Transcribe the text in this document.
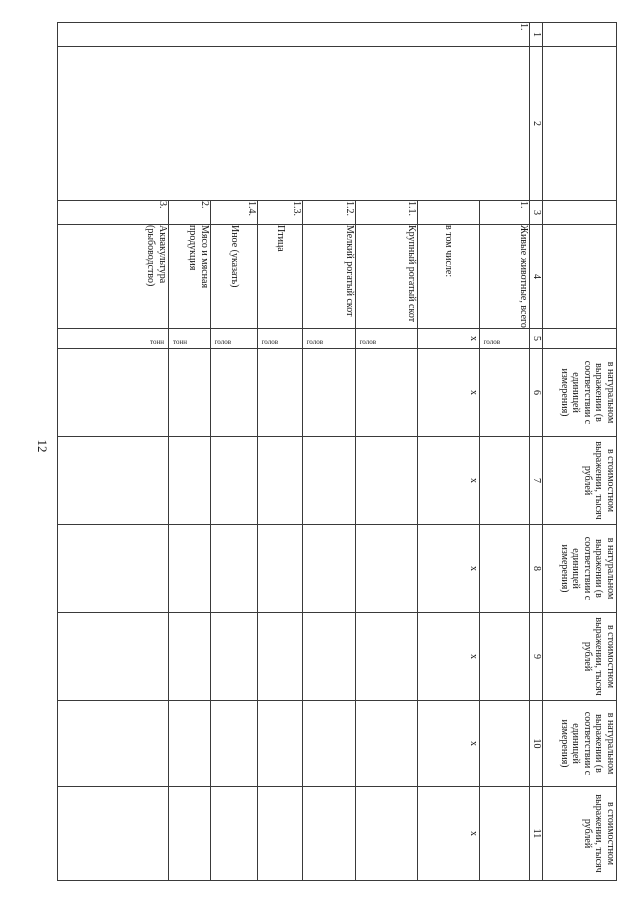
12
					в натуральном выражении (в соответствии с единицей измерения)	в стоимостном выражении, тысяч рублей	в натуральном выражении (в соответствии с единицей измерения)	в стоимостном выражении, тысяч рублей	в натуральном выражении (в соответствии с единицей измерения)	в стоимостном выражении, тысяч рублей
1	2	3	4	5	6	7	8	9	10	11
1.		1.	Живые животные, всего	голов						

			в том числе:	х	х	х	х	х	х	х
		1.1.	Крупный рогатый скот	голов						

		1.2.	Мелкий рогатый скот	голов						

		1.3.	Птица	голов						

		1.4.	Иное (указать)	голов						

		2.	Мясо и мясная продукция	тонн						

		3.	Аквакультура (рыбоводство)	тонн						
